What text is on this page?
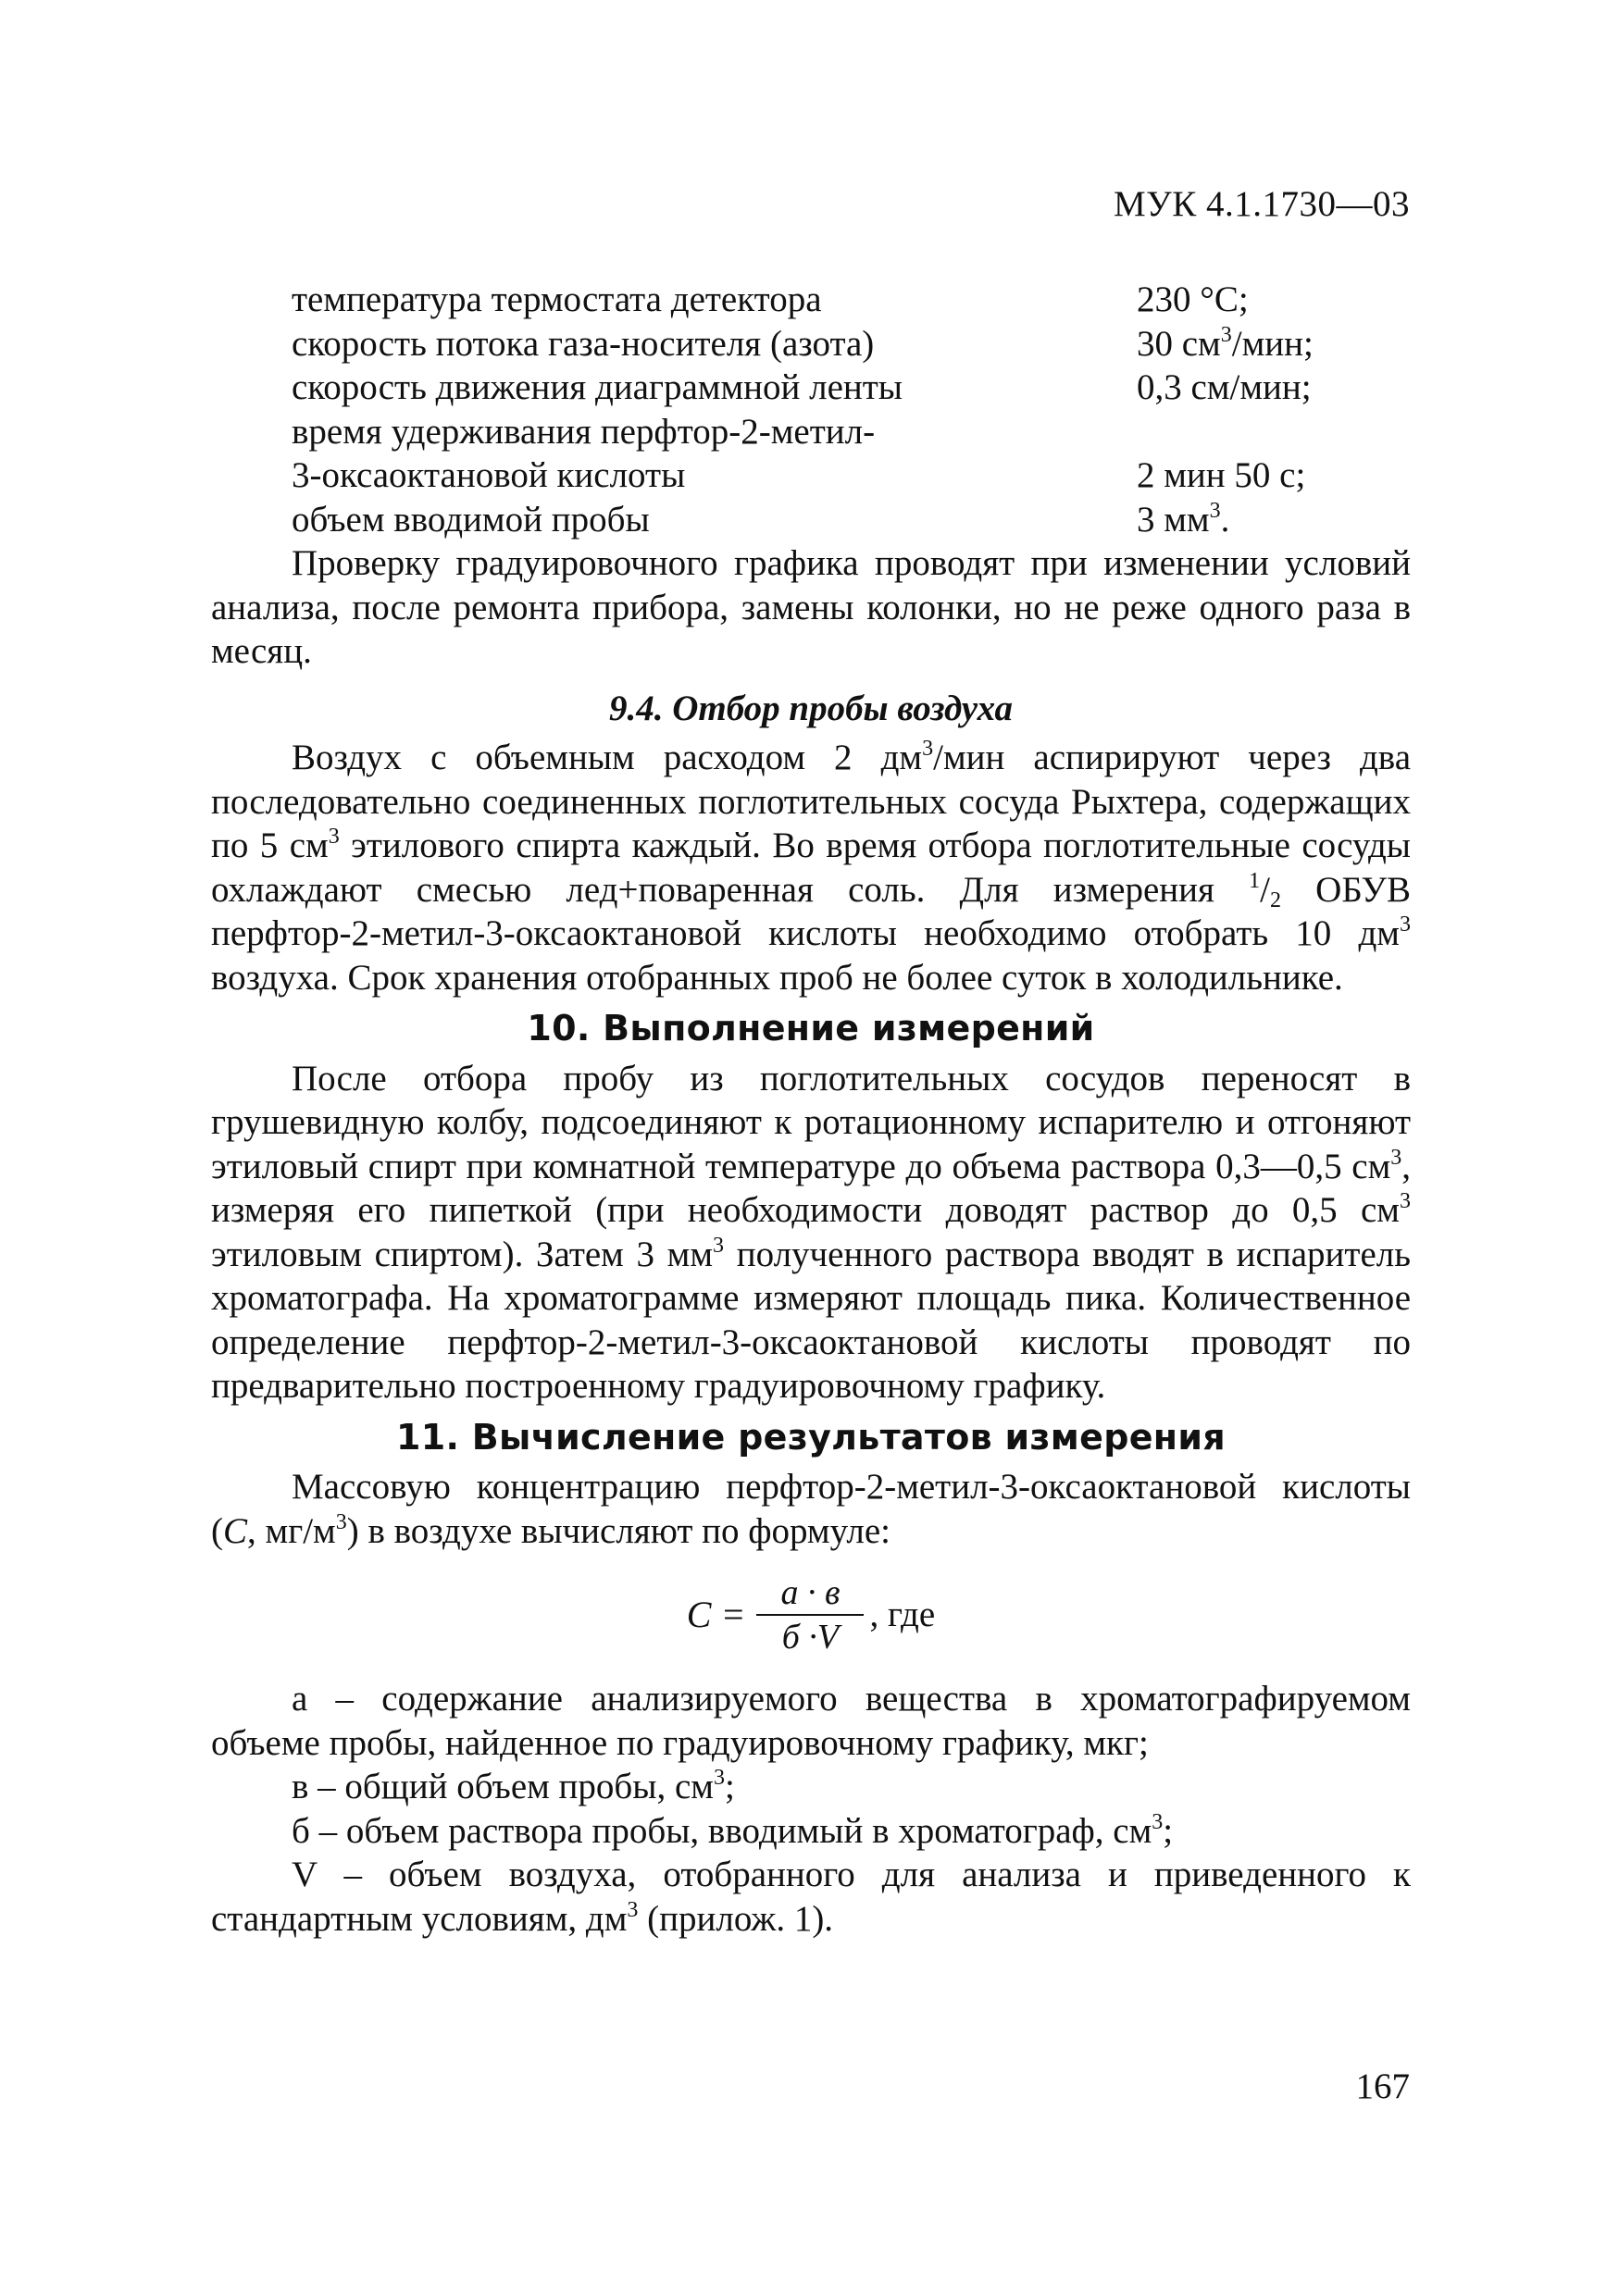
МУК 4.1.1730—03
температура термостата детектора	230 °С;
скорость потока газа-носителя (азота)	30 $см^3$/мин;
скорость движения диаграммной ленты	0,3 см/мин;
время удерживания перфтор-2-метил-
3-оксаоктановой кислоты	2 мин 50 с;
объем вводимой пробы	3 $мм^3$.

Проверку градуировочного графика проводят при изменении условий анализа, после ремонта прибора, замены колонки, но не реже одного раза в месяц.

9.4. Отбор пробы воздуха

Воздух с объемным расходом 2 $дм^3$/мин аспирируют через два последовательно соединенных поглотительных сосуда Рыхтера, содержащих по 5 $см^3$ этилового спирта каждый. Во время отбора поглотительные сосуды охлаждают смесью лед+поваренная соль. Для измерения $^1/_2$ ОБУВ перфтор-2-метил-3-оксаоктановой кислоты необходимо отобрать 10 $дм^3$ воздуха. Срок хранения отобранных проб не более суток в холодильнике.

10. Выполнение измерений

После отбора пробу из поглотительных сосудов переносят в грушевидную колбу, подсоединяют к ротационному испарителю и отгоняют этиловый спирт при комнатной температуре до объема раствора 0,3—0,5 $см^3$, измеряя его пипеткой (при необходимости доводят раствор до 0,5 $см^3$ этиловым спиртом). Затем 3 $мм^3$ полученного раствора вводят в испаритель хроматографа. На хроматограмме измеряют площадь пика. Количественное определение перфтор-2-метил-3-оксаоктановой кислоты проводят по предварительно построенному градуировочному графику.

11. Вычисление результатов измерения

Массовую концентрацию перфтор-2-метил-3-оксаоктановой кислоты (С, $мг/м^3$) в воздухе вычисляют по формуле:

$С = \frac{а \cdot в}{б \cdot V}$ , где

а – содержание анализируемого вещества в хроматографируемом объеме пробы, найденное по градуировочному графику, мкг;

в – общий объем пробы, $см^3$;

б – объем раствора пробы, вводимый в хроматограф, $см^3$;

V – объем воздуха, отобранного для анализа и приведенного к стандартным условиям, $дм^3$ (прилож. 1).

167
